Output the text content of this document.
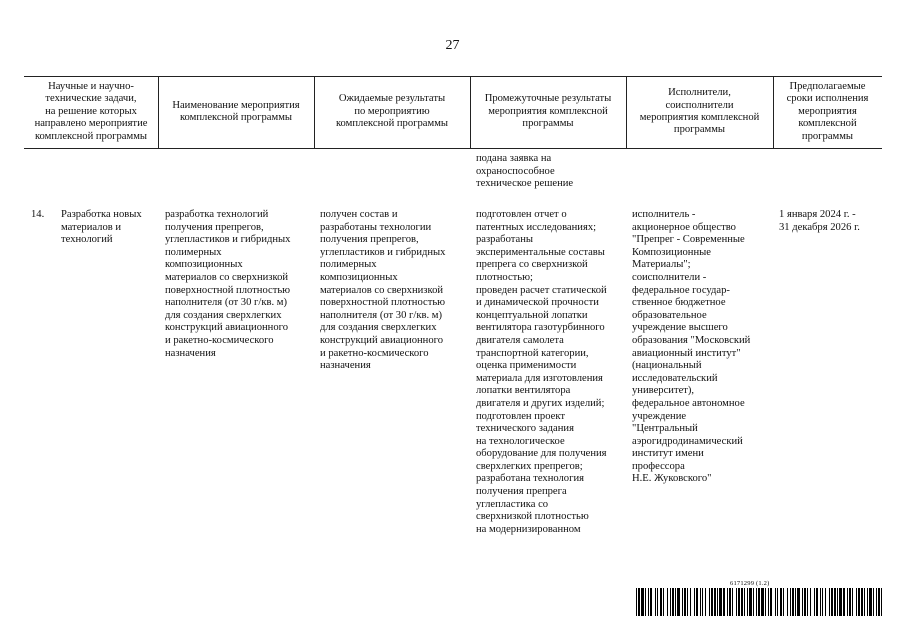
27
Научные и научно-
технические задачи,
на решение которых
направлено мероприятие
комплексной программы
Наименование мероприятия
комплексной программы
Ожидаемые результаты
по мероприятию
комплексной программы
Промежуточные результаты
мероприятия комплексной
программы
Исполнители,
соисполнители
мероприятия комплексной
программы
Предполагаемые
сроки исполнения
мероприятия
комплексной
программы
подана заявка на
охраноспособное
техническое решение
14.	Разработка новых
материалов и
технологий
разработка технологий
получения препрегов,
углепластиков и гибридных
полимерных
композиционных
материалов со сверхнизкой
поверхностной плотностью
наполнителя (от 30 г/кв. м)
для создания сверхлегких
конструкций авиационного
и ракетно-космического
назначения
получен состав и
разработаны технологии
получения препрегов,
углепластиков и гибридных
полимерных
композиционных
материалов со сверхнизкой
поверхностной плотностью
наполнителя (от 30 г/кв. м)
для создания сверхлегких
конструкций авиационного
и ракетно-космического
назначения
подготовлен отчет о
патентных исследованиях;
разработаны
экспериментальные составы
препрега со сверхнизкой
плотностью;
проведен расчет статической
и динамической прочности
концептуальной лопатки
вентилятора газотурбинного
двигателя самолета
транспортной категории,
оценка применимости
материала для изготовления
лопатки вентилятора
двигателя и других изделий;
подготовлен проект
технического задания
на технологическое
оборудование для получения
сверхлегких препрегов;
разработана технология
получения препрега
углепластика со
сверхнизкой плотностью
на модернизированном
исполнитель -
акционерное общество
"Препрег - Современные
Композиционные
Материалы";
соисполнители -
федеральное государ-
ственное бюджетное
образовательное
учреждение высшего
образования "Московский
авиационный институт"
(национальный
исследовательский
университет),
федеральное автономное
учреждение
"Центральный
аэрогидродинамический
институт имени
профессора
Н.Е. Жуковского"
1 января 2024 г. -
31 декабря 2026 г.
6171299 (1.2)
